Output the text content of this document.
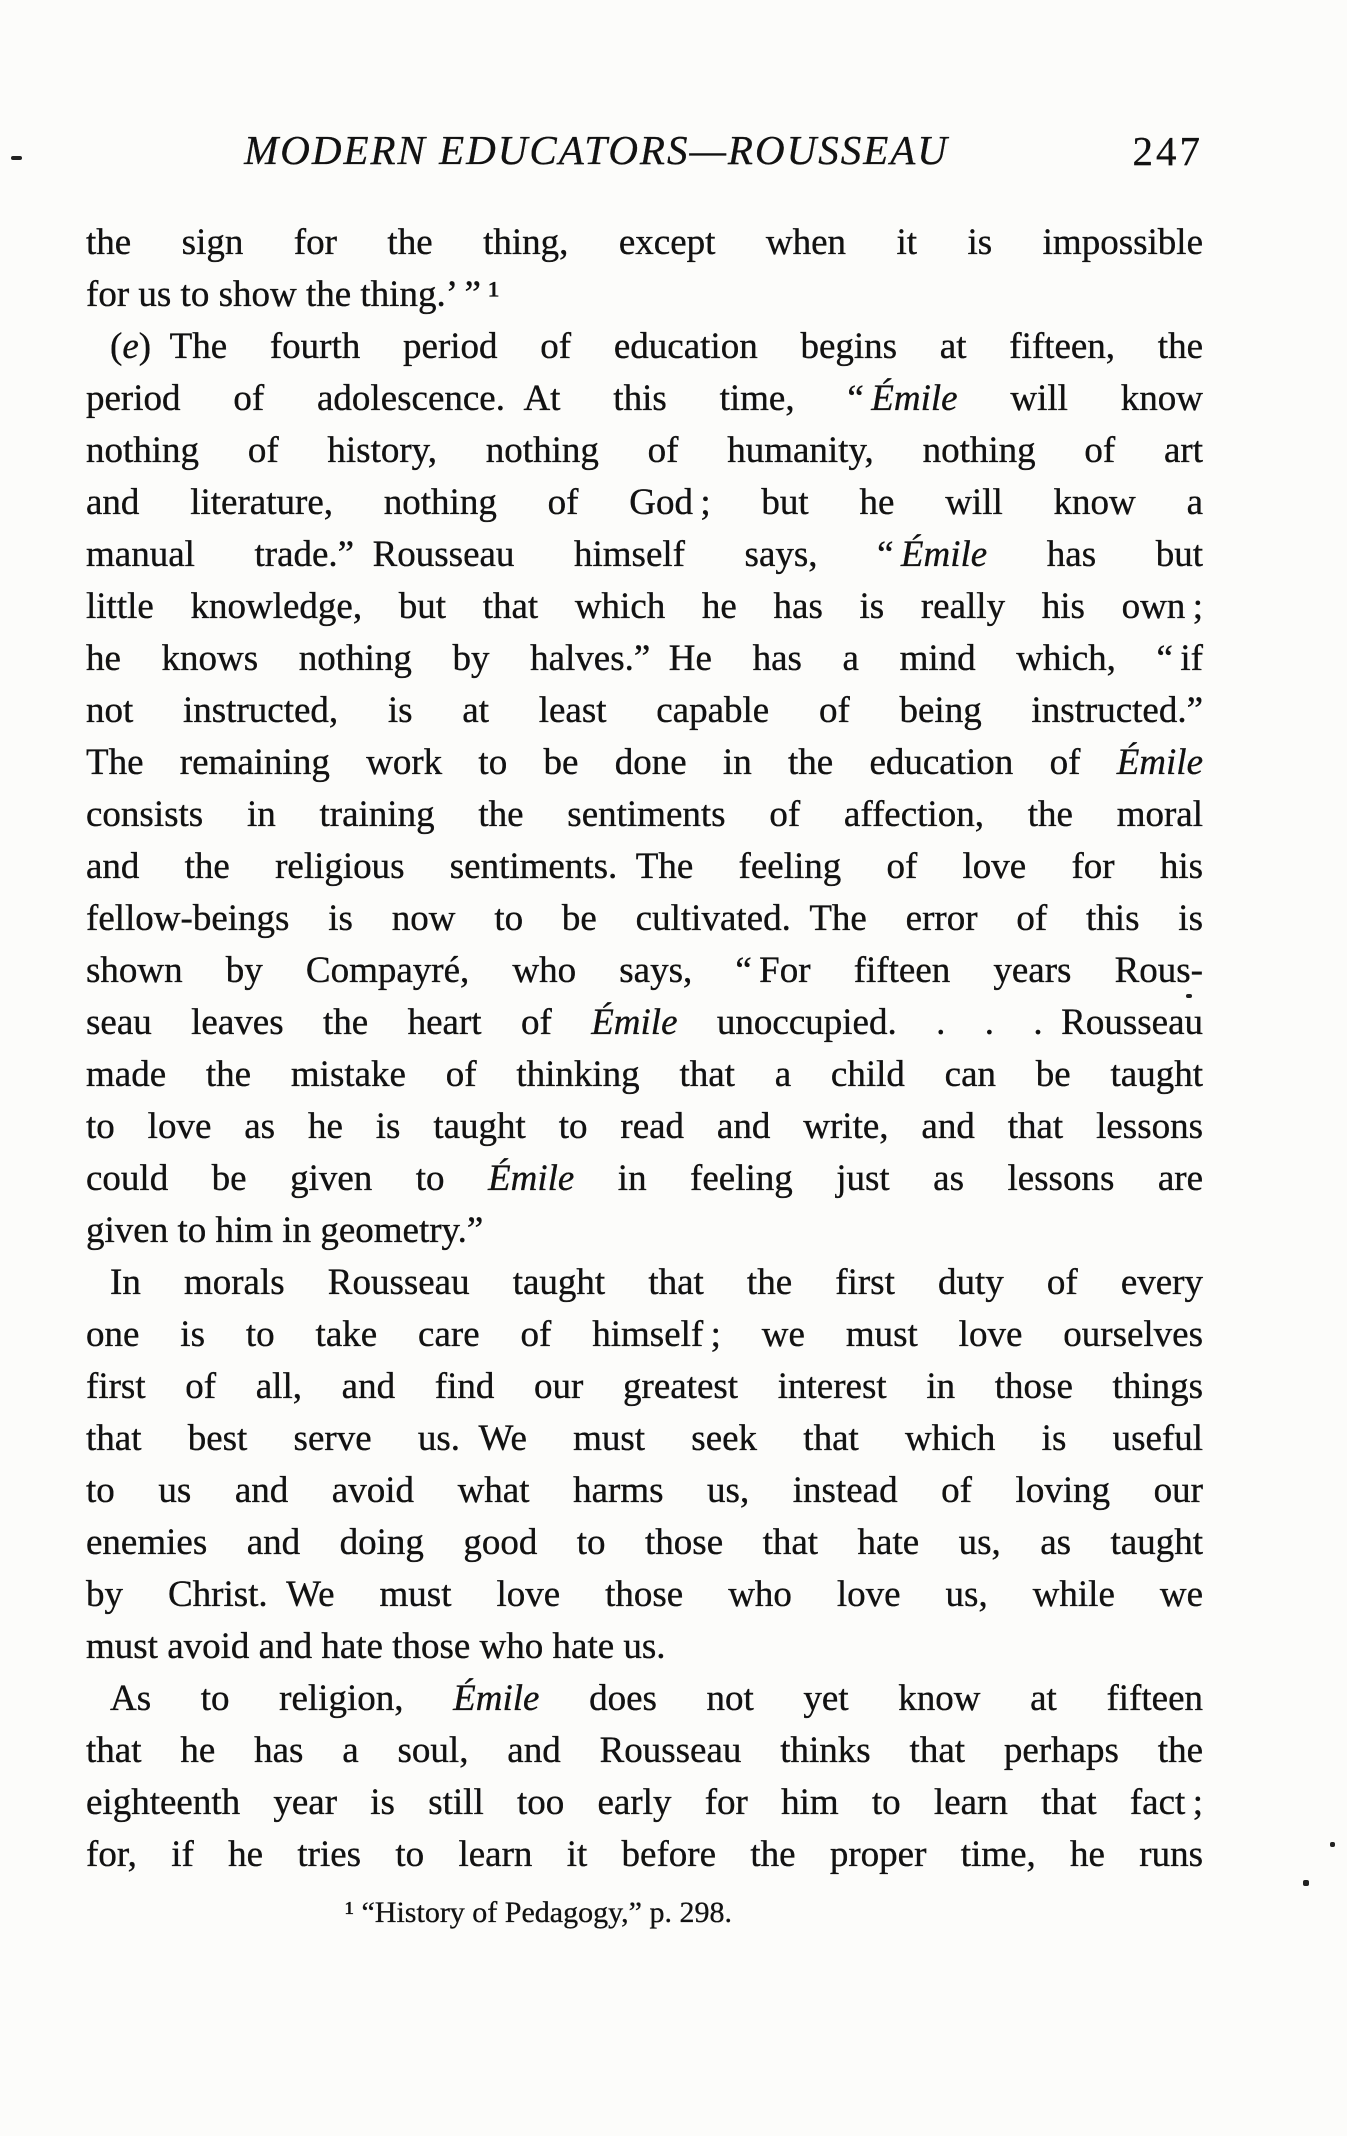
MODERN EDUCATORS—ROUSSEAU	247
the sign for the thing, except when it is impossible
for us to show the thing.’ ” ¹
(e) The fourth period of education begins at fifteen, the
period of adolescence. At this time, “ Émile will know
nothing of history, nothing of humanity, nothing of art
and literature, nothing of God ; but he will know a
manual trade.” Rousseau himself says, “ Émile has but
little knowledge, but that which he has is really his own ;
he knows nothing by halves.” He has a mind which, “ if
not instructed, is at least capable of being instructed.”
The remaining work to be done in the education of Émile
consists in training the sentiments of affection, the moral
and the religious sentiments. The feeling of love for his
fellow-beings is now to be cultivated. The error of this is
shown by Compayré, who says, “ For fifteen years Rous-
seau leaves the heart of Émile unoccupied. . . . Rousseau
made the mistake of thinking that a child can be taught
to love as he is taught to read and write, and that lessons
could be given to Émile in feeling just as lessons are
given to him in geometry.”
In morals Rousseau taught that the first duty of every
one is to take care of himself ; we must love ourselves
first of all, and find our greatest interest in those things
that best serve us. We must seek that which is useful
to us and avoid what harms us, instead of loving our
enemies and doing good to those that hate us, as taught
by Christ. We must love those who love us, while we
must avoid and hate those who hate us.
As to religion, Émile does not yet know at fifteen
that he has a soul, and Rousseau thinks that perhaps the
eighteenth year is still too early for him to learn that fact ;
for, if he tries to learn it before the proper time, he runs
¹ “History of Pedagogy,” p. 298.
